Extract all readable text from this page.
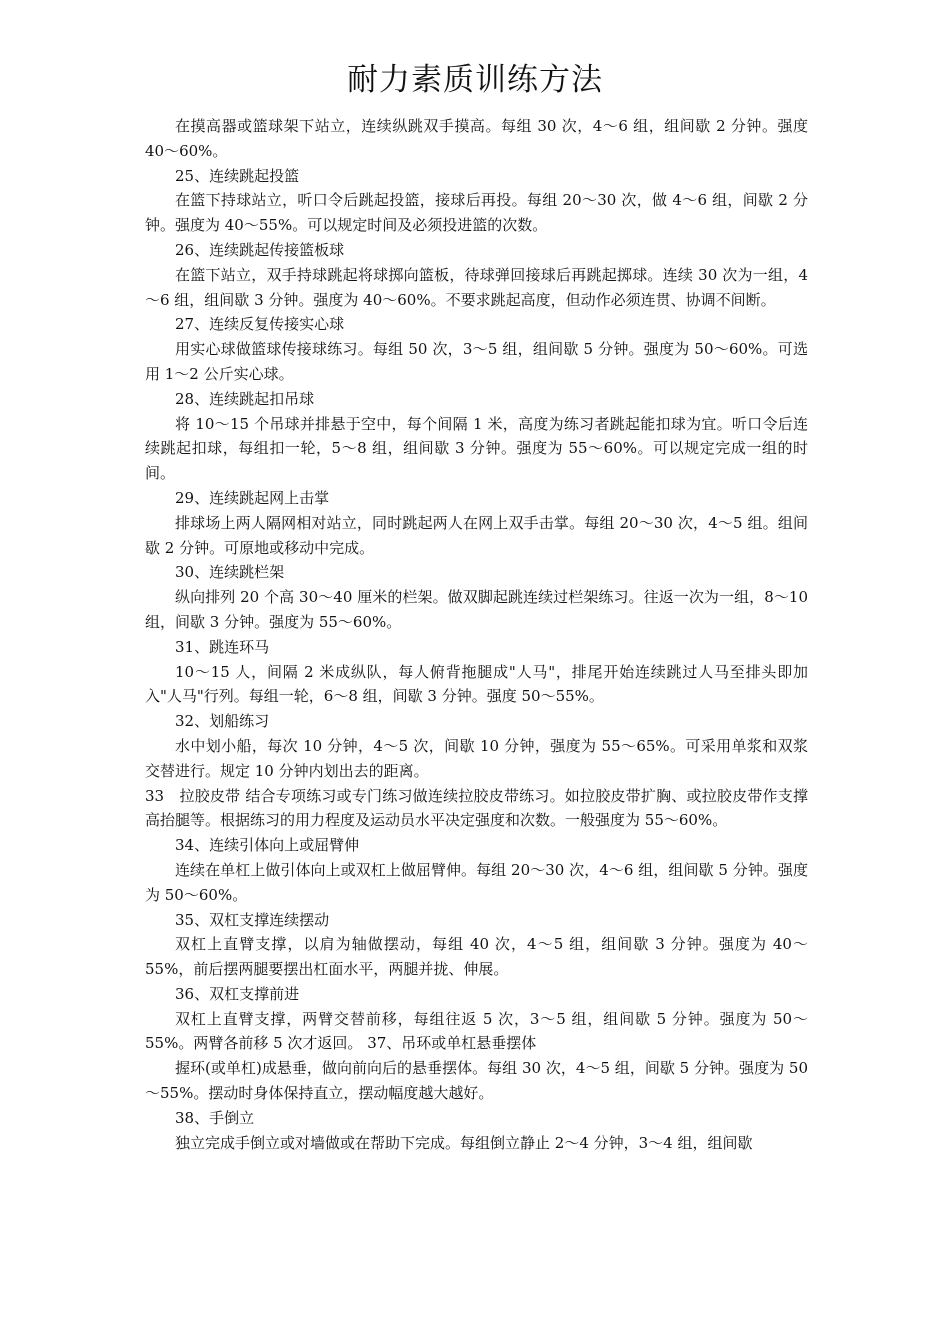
耐力素质训练方法

在摸高器或篮球架下站立，连续纵跳双手摸高。每组 30 次，4～6 组，组间歇 2 分钟。强度 40～60%。

25、连续跳起投篮

在篮下持球站立，听口令后跳起投篮，接球后再投。每组 20～30 次，做 4～6 组，间歇 2 分钟。强度为 40～55%。可以规定时间及必须投进篮的次数。

26、连续跳起传接篮板球

在篮下站立，双手持球跳起将球掷向篮板，待球弹回接球后再跳起掷球。连续 30 次为一组，4～6 组，组间歇 3 分钟。强度为 40～60%。不要求跳起高度，但动作必须连贯、协调不间断。

27、连续反复传接实心球

用实心球做篮球传接球练习。每组 50 次，3～5 组，组间歇 5 分钟。强度为 50～60%。可选用 1～2 公斤实心球。

28、连续跳起扣吊球

将 10～15 个吊球并排悬于空中，每个间隔 1 米，高度为练习者跳起能扣球为宜。听口令后连续跳起扣球，每组扣一轮，5～8 组，组间歇 3 分钟。强度为 55～60%。可以规定完成一组的时间。

29、连续跳起网上击掌

排球场上两人隔网相对站立，同时跳起两人在网上双手击掌。每组 20～30 次，4～5 组。组间歇 2 分钟。可原地或移动中完成。

30、连续跳栏架

纵向排列 20 个高 30～40 厘米的栏架。做双脚起跳连续过栏架练习。往返一次为一组，8～10 组，间歇 3 分钟。强度为 55～60%。

31、跳连环马

10～15 人，间隔 2 米成纵队，每人俯背拖腿成"人马"，排尾开始连续跳过人马至排头即加入"人马"行列。每组一轮，6～8 组，间歇 3 分钟。强度 50～55%。

32、划船练习

水中划小船，每次 10 分钟，4～5 次，间歇 10 分钟，强度为 55～65%。可采用单浆和双浆交替进行。规定 10 分钟内划出去的距离。

33　拉胶皮带 结合专项练习或专门练习做连续拉胶皮带练习。如拉胶皮带扩胸、或拉胶皮带作支撑高抬腿等。根据练习的用力程度及运动员水平决定强度和次数。一般强度为 55～60%。

34、连续引体向上或屈臂伸

连续在单杠上做引体向上或双杠上做屈臂伸。每组 20～30 次，4～6 组，组间歇 5 分钟。强度为 50～60%。

35、双杠支撑连续摆动

双杠上直臂支撑，以肩为轴做摆动，每组 40 次，4～5 组，组间歇 3 分钟。强度为 40～55%，前后摆两腿要摆出杠面水平，两腿并拢、伸展。

36、双杠支撑前进

双杠上直臂支撑，两臂交替前移，每组往返 5 次，3～5 组，组间歇 5 分钟。强度为 50～55%。两臂各前移 5 次才返回。 37、吊环或单杠悬垂摆体

握环(或单杠)成悬垂，做向前向后的悬垂摆体。每组 30 次，4～5 组，间歇 5 分钟。强度为 50～55%。摆动时身体保持直立，摆动幅度越大越好。

38、手倒立

独立完成手倒立或对墙做或在帮助下完成。每组倒立静止 2～4 分钟，3～4 组，组间歇
